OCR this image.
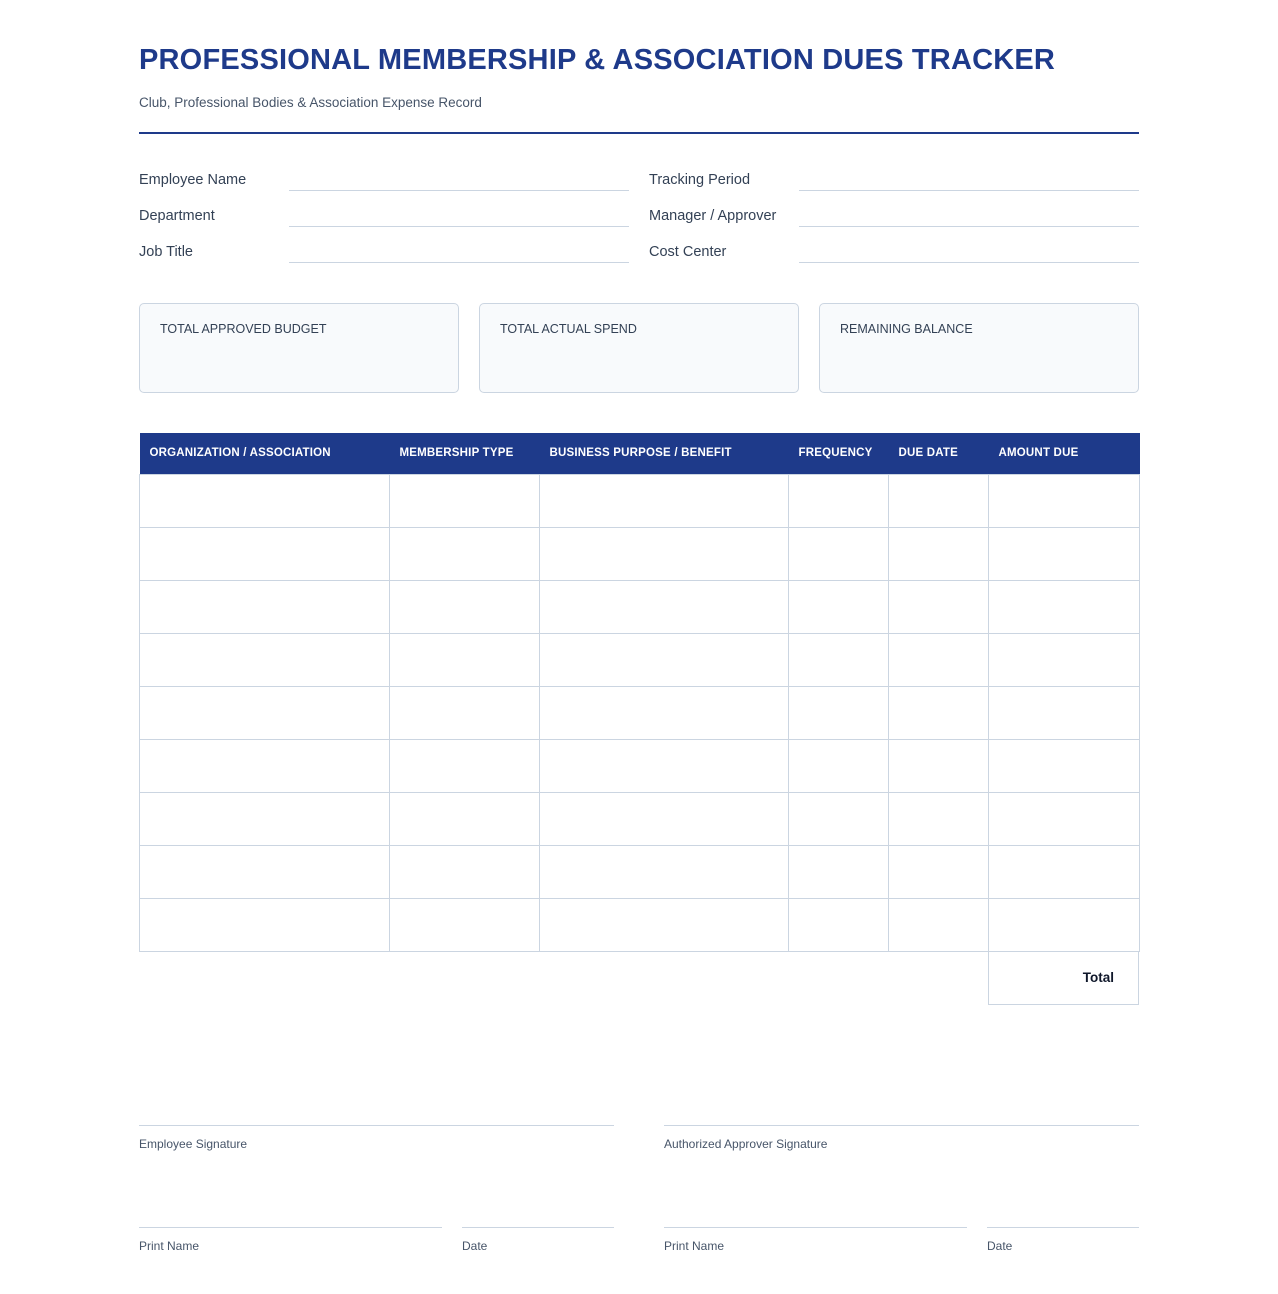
PROFESSIONAL MEMBERSHIP & ASSOCIATION DUES TRACKER
Club, Professional Bodies & Association Expense Record
Employee Name	Tracking Period
Department	Manager / Approver
Job Title	Cost Center
TOTAL APPROVED BUDGET	TOTAL ACTUAL SPEND	REMAINING BALANCE
ORGANIZATION / ASSOCIATION	MEMBERSHIP TYPE	BUSINESS PURPOSE / BENEFIT	FREQUENCY	DUE DATE	AMOUNT DUE

Total
Employee Signature	Authorized Approver Signature
Print Name	Date	Print Name	Date
